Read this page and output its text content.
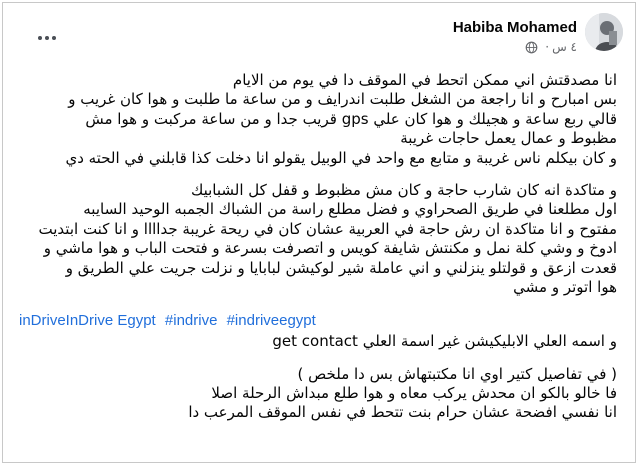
Habiba Mohamed
· ٤ س
انا مصدقتش اني ممكن اتحط في الموقف دا في يوم من الايام
بس امبارح و انا راجعة من الشغل طلبت اندرايف و من ساعة ما طلبت و هوا كان غريب و
قالي ربع ساعة و هجيلك و هوا كان علي gps قريب جدا و من ساعة مركبت و هوا مش
مظبوط و عمال يعمل حاجات غريبة
و كان بيكلم ناس غريبة و متابع مع واحد في الوبيل يقولو انا دخلت كذا قابلني في الحته دي
و متاكدة انه كان شارب حاجة و كان مش مظبوط و قفل كل الشبابيك
اول مطلعنا في طريق الصحراوي و فضل مطلع راسة من الشباك الجمبه الوحيد السايبه
مفتوح و انا متاكدة ان رش حاجة في العربية عشان كان في ريحة غريبة جداااا و انا كنت ابتديت
ادوخ و وشي كلة نمل و مكنتش شايفة كويس و اتصرفت بسرعة و فتحت الباب و هوا ماشي و
قعدت ازعق و قولتلو ينزلني و اني عاملة شير لوكيشن لبابايا و نزلت جريت علي الطريق و
هوا اتوتر و مشي
inDriveInDrive Egypt #indrive #indriveegypt
و اسمه العلي الابليكيشن غير اسمة العلي get contact
( في تفاصيل كتير اوي انا مكتبتهاش بس دا ملخص )
فا خالو بالكو ان محدش يركب معاه و هوا طلع مبداش الرحلة اصلا
انا نفسي افضحة عشان حرام بنت تتحط في نفس الموقف المرعب دا
